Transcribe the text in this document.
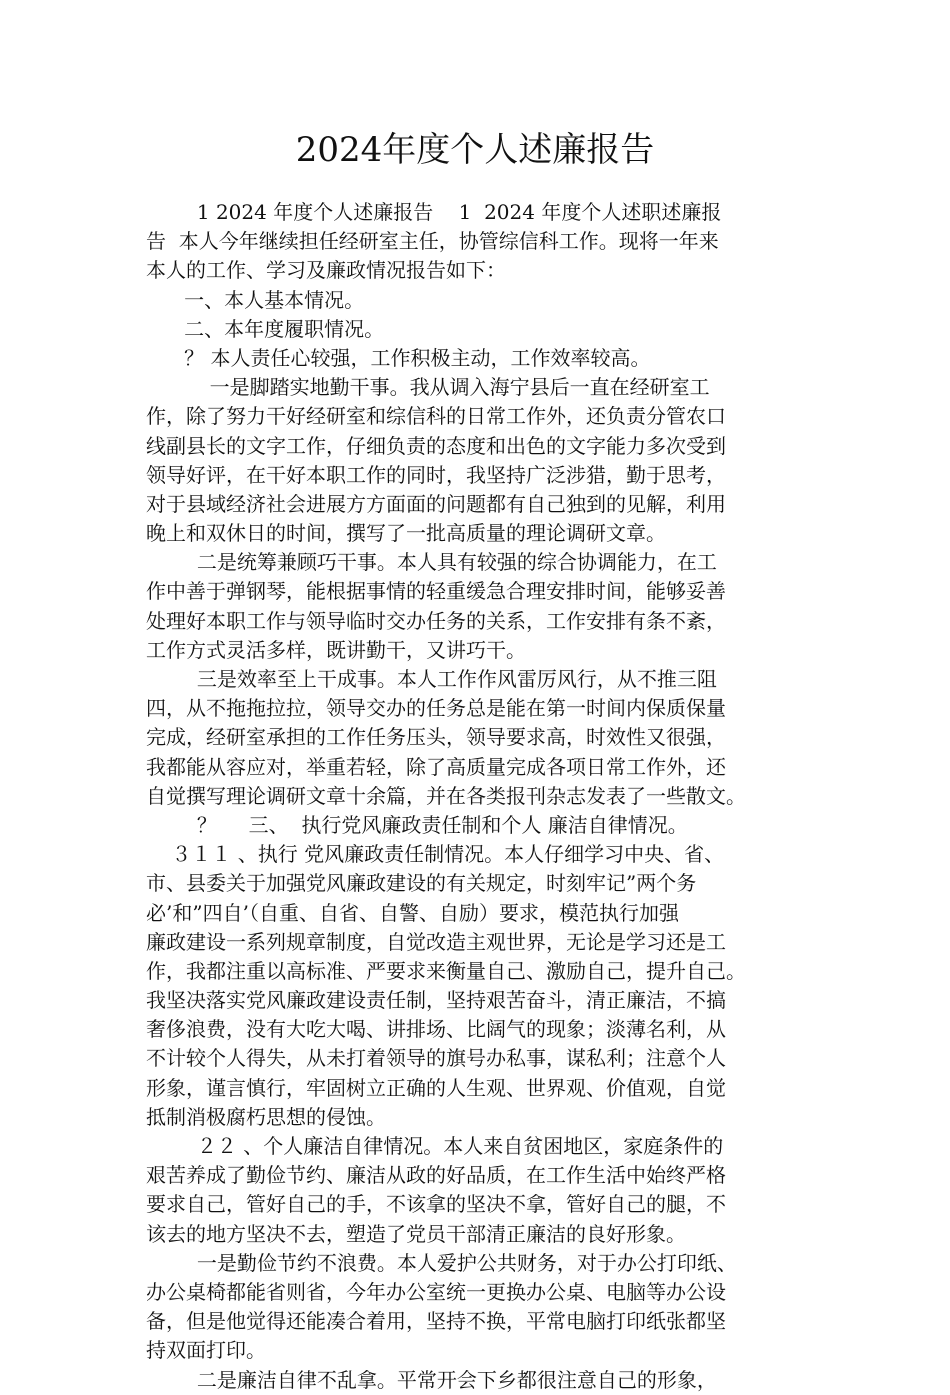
2024年度个人述廉报告
1 2024 年度个人述廉报告    1  2024 年度个人述职述廉报
告  本人今年继续担任经研室主任，协管综信科工作。现将一年来
本人的工作、学习及廉政情况报告如下：
一、本人基本情况。
二、本年度履职情况。
？ 本人责任心较强，工作积极主动，工作效率较高。
一是脚踏实地勤干事。我从调入海宁县后一直在经研室工
作，除了努力干好经研室和综信科的日常工作外，还负责分管农口
线副县长的文字工作，仔细负责的态度和出色的文字能力多次受到
领导好评，在干好本职工作的同时，我坚持广泛涉猎，勤于思考，
对于县域经济社会进展方方面面的问题都有自己独到的见解，利用
晚上和双休日的时间，撰写了一批高质量的理论调研文章。
二是统筹兼顾巧干事。本人具有较强的综合协调能力，在工
作中善于弹钢琴，能根据事情的轻重缓急合理安排时间，能够妥善
处理好本职工作与领导临时交办任务的关系，工作安排有条不紊，
工作方式灵活多样，既讲勤干，又讲巧干。
三是效率至上干成事。本人工作作风雷厉风行，从不推三阻
四，从不拖拖拉拉，领导交办的任务总是能在第一时间内保质保量
完成，经研室承担的工作任务压头，领导要求高，时效性又很强，
我都能从容应对，举重若轻，除了高质量完成各项日常工作外，还
自觉撰写理论调研文章十余篇，并在各类报刊杂志发表了一些散文。
？     三、  执行党风廉政责任制和个人 廉洁自律情况。
３１１ 、执行 党风廉政责任制情况。本人仔细学习中央、省、
市、县委关于加强党风廉政建设的有关规定，时刻牢记”两个务
必’和”四自’（自重、自省、自警、自励）要求，模范执行加强
廉政建设一系列规章制度，自觉改造主观世界，无论是学习还是工
作，我都注重以高标准、严要求来衡量自己、激励自己，提升自己。
我坚决落实党风廉政建设责任制，坚持艰苦奋斗，清正廉洁，不搞
奢侈浪费，没有大吃大喝、讲排场、比阔气的现象；淡薄名利，从
不计较个人得失，从未打着领导的旗号办私事，谋私利；注意个人
形象，谨言慎行，牢固树立正确的人生观、世界观、价值观，自觉
抵制消极腐朽思想的侵蚀。
２２ 、个人廉洁自律情况。本人来自贫困地区，家庭条件的
艰苦养成了勤俭节约、廉洁从政的好品质，在工作生活中始终严格
要求自己，管好自己的手，不该拿的坚决不拿，管好自己的腿，不
该去的地方坚决不去，塑造了党员干部清正廉洁的良好形象。
一是勤俭节约不浪费。本人爱护公共财务，对于办公打印纸、
办公桌椅都能省则省，今年办公室统一更换办公桌、电脑等办公设
备，但是他觉得还能凑合着用，坚持不换，平常电脑打印纸张都坚
持双面打印。
二是廉洁自律不乱拿。平常开会下乡都很注意自己的形象，
